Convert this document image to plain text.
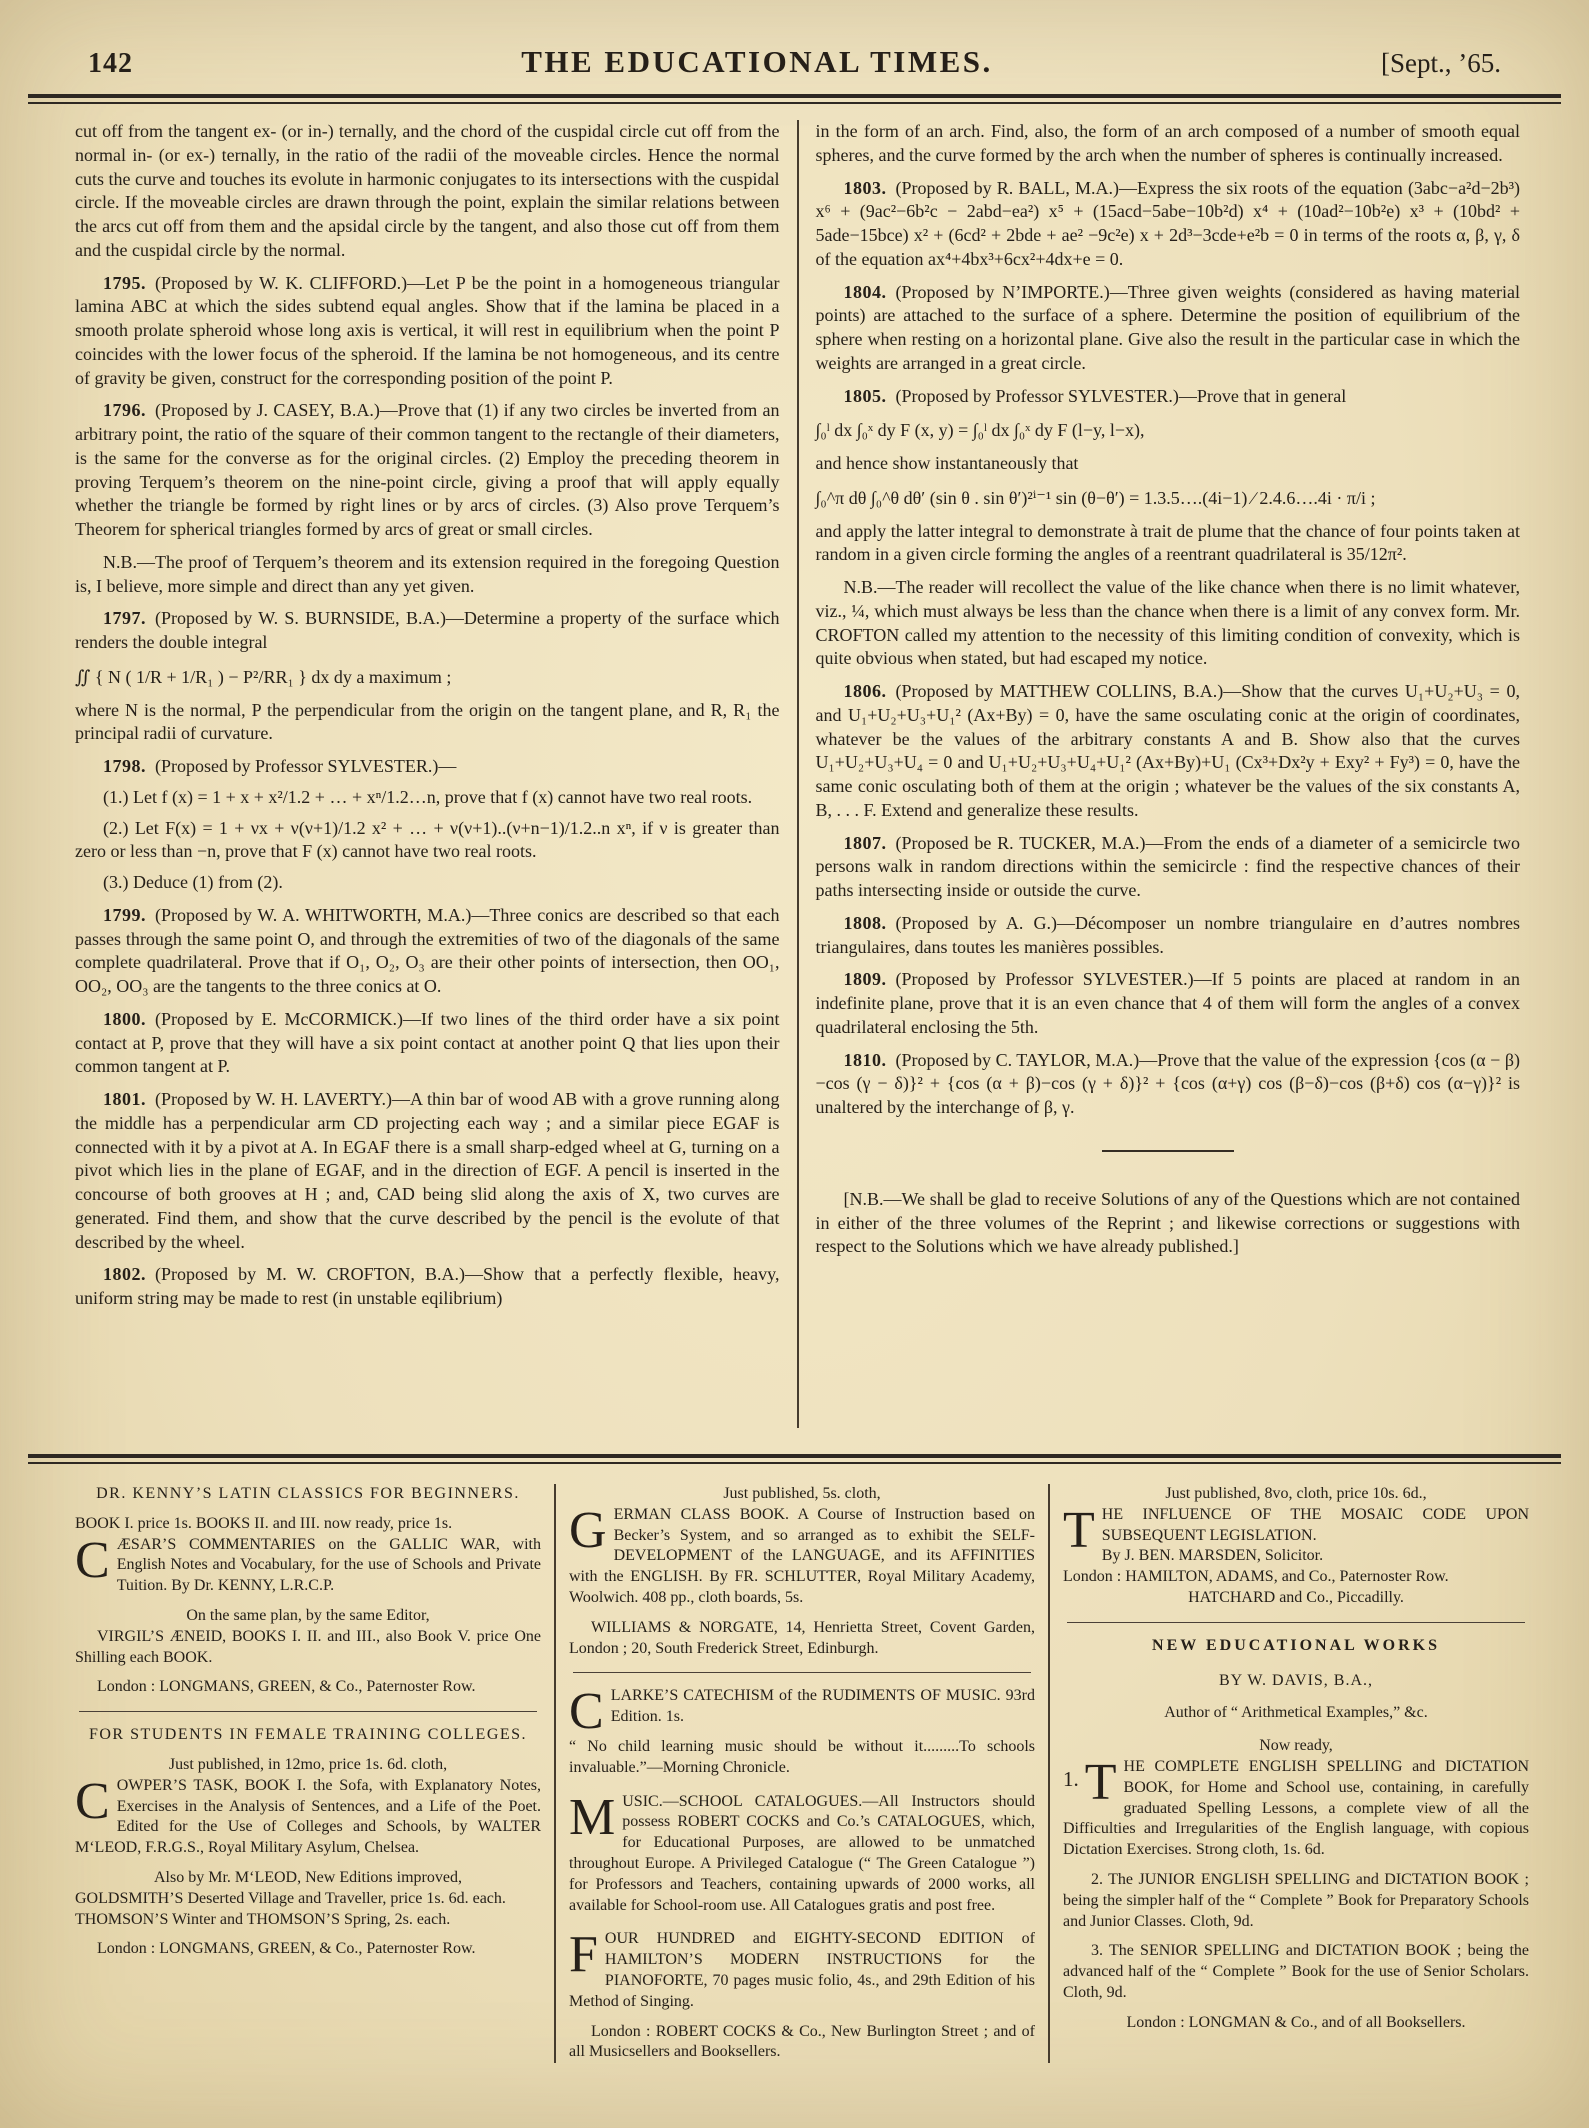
142	THE EDUCATIONAL TIMES.	[Sept., ’65.

cut off from the tangent ex- (or in-) ternally, and the chord of the cuspidal circle cut off from the normal in- (or ex-) ternally, in the ratio of the radii of the moveable circles. Hence the normal cuts the curve and touches its evolute in harmonic conjugates to its intersections with the cuspidal circle. If the moveable circles are drawn through the point, explain the similar relations between the arcs cut off from them and the apsidal circle by the tangent, and also those cut off from them and the cuspidal circle by the normal.

1795.  (Proposed by W. K. CLIFFORD.)—Let P be the point in a homogeneous triangular lamina ABC at which the sides subtend equal angles. Show that if the lamina be placed in a smooth prolate spheroid whose long axis is vertical, it will rest in equilibrium when the point P coincides with the lower focus of the spheroid. If the lamina be not homogeneous, and its centre of gravity be given, construct for the corresponding position of the point P.

1796.  (Proposed by J. CASEY, B.A.)—Prove that (1) if any two circles be inverted from an arbitrary point, the ratio of the square of their common tangent to the rectangle of their diameters, is the same for the converse as for the original circles. (2) Employ the preceding theorem in proving Terquem’s theorem on the nine-point circle, giving a proof that will apply equally whether the triangle be formed by right lines or by arcs of circles. (3) Also prove Terquem’s Theorem for spherical triangles formed by arcs of great or small circles.

N.B.—The proof of Terquem’s theorem and its extension required in the foregoing Question is, I believe, more simple and direct than any yet given.

1797.  (Proposed by W. S. BURNSIDE, B.A.)—Determine a property of the surface which renders the double integral

∬ { N ( 1/R + 1/R₁ ) − P²/RR₁ } dx dy a maximum ;

where N is the normal, P the perpendicular from the origin on the tangent plane, and R, R₁ the principal radii of curvature.

1798.  (Proposed by Professor SYLVESTER.)—

(1.) Let f (x) = 1 + x + x²/1.2 + … + xⁿ/1.2…n, prove that f (x) cannot have two real roots.

(2.) Let F(x) = 1 + νx + ν(ν+1)/1.2 x² + … + ν(ν+1)..(ν+n−1)/1.2..n xⁿ, if ν is greater than zero or less than −n, prove that F (x) cannot have two real roots.

(3.) Deduce (1) from (2).

1799.  (Proposed by W. A. WHITWORTH, M.A.)—Three conics are described so that each passes through the same point O, and through the extremities of two of the diagonals of the same complete quadrilateral. Prove that if O₁, O₂, O₃ are their other points of intersection, then OO₁, OO₂, OO₃ are the tangents to the three conics at O.

1800.  (Proposed by E. McCORMICK.)—If two lines of the third order have a six point contact at P, prove that they will have a six point contact at another point Q that lies upon their common tangent at P.

1801.  (Proposed by W. H. LAVERTY.)—A thin bar of wood AB with a grove running along the middle has a perpendicular arm CD projecting each way ; and a similar piece EGAF is connected with it by a pivot at A. In EGAF there is a small sharp-edged wheel at G, turning on a pivot which lies in the plane of EGAF, and in the direction of EGF. A pencil is inserted in the concourse of both grooves at H ; and, CAD being slid along the axis of X, two curves are generated. Find them, and show that the curve described by the pencil is the evolute of that described by the wheel.

1802.  (Proposed by M. W. CROFTON, B.A.)—Show that a perfectly flexible, heavy, uniform string may be made to rest (in unstable eqilibrium)

in the form of an arch. Find, also, the form of an arch composed of a number of smooth equal spheres, and the curve formed by the arch when the number of spheres is continually increased.

1803.  (Proposed by R. BALL, M.A.)—Express the six roots of the equation (3abc−a²d−2b³) x⁶ + (9ac²−6b²c − 2abd−ea²) x⁵ + (15acd−5abe−10b²d) x⁴ + (10ad²−10b²e) x³ + (10bd² + 5ade−15bce) x² + (6cd² + 2bde + ae² −9c²e) x + 2d³−3cde+e²b = 0 in terms of the roots α, β, γ, δ of the equation ax⁴+4bx³+6cx²+4dx+e = 0.

1804.  (Proposed by N’IMPORTE.)—Three given weights (considered as having material points) are attached to the surface of a sphere. Determine the position of equilibrium of the sphere when resting on a horizontal plane. Give also the result in the particular case in which the weights are arranged in a great circle.

1805.  (Proposed by Professor SYLVESTER.)—Prove that in general

∫₀ˡ dx ∫₀ˣ dy F (x, y) = ∫₀ˡ dx ∫₀ˣ dy F (l−y, l−x),

and hence show instantaneously that

∫₀^π dθ ∫₀^θ dθ′ (sin θ . sin θ′)²ⁱ⁻¹ sin (θ−θ′) = 1.3.5….(4i−1) ∕ 2.4.6….4i · π/i ;

and apply the latter integral to demonstrate à trait de plume that the chance of four points taken at random in a given circle forming the angles of a reentrant quadrilateral is 35/12π².

N.B.—The reader will recollect the value of the like chance when there is no limit whatever, viz., ¼, which must always be less than the chance when there is a limit of any convex form. Mr. CROFTON called my attention to the necessity of this limiting condition of convexity, which is quite obvious when stated, but had escaped my notice.

1806.  (Proposed by MATTHEW COLLINS, B.A.)—Show that the curves U₁+U₂+U₃ = 0, and U₁+U₂+U₃+U₁² (Ax+By) = 0, have the same osculating conic at the origin of coordinates, whatever be the values of the arbitrary constants A and B. Show also that the curves U₁+U₂+U₃+U₄ = 0 and U₁+U₂+U₃+U₄+U₁² (Ax+By)+U₁ (Cx³+Dx²y + Exy² + Fy³) = 0, have the same conic osculating both of them at the origin ; whatever be the values of the six constants A, B, . . . F. Extend and generalize these results.

1807.  (Proposed be R. TUCKER, M.A.)—From the ends of a diameter of a semicircle two persons walk in random directions within the semicircle : find the respective chances of their paths intersecting inside or outside the curve.

1808.  (Proposed by A. G.)—Décomposer un nombre triangulaire en d’autres nombres triangulaires, dans toutes les manières possibles.

1809.  (Proposed by Professor SYLVESTER.)—If 5 points are placed at random in an indefinite plane, prove that it is an even chance that 4 of them will form the angles of a convex quadrilateral enclosing the 5th.

1810.  (Proposed by C. TAYLOR, M.A.)—Prove that the value of the expression {cos (α − β)−cos (γ − δ)}² + {cos (α + β)−cos (γ + δ)}² + {cos (α+γ) cos (β−δ)−cos (β+δ) cos (α−γ)}² is unaltered by the interchange of β, γ.

[N.B.—We shall be glad to receive Solutions of any of the Questions which are not contained in either of the three volumes of the Reprint ; and likewise corrections or suggestions with respect to the Solutions which we have already published.]

DR. KENNY’S LATIN CLASSICS FOR BEGINNERS.

BOOK I. price 1s. BOOKS II. and III. now ready, price 1s.

CÆSAR’S COMMENTARIES on the GALLIC WAR, with English Notes and Vocabulary, for the use of Schools and Private Tuition. By Dr. KENNY, L.R.C.P.

On the same plan, by the same Editor,

VIRGIL’S ÆNEID, BOOKS I. II. and III., also Book V. price One Shilling each BOOK.

London : LONGMANS, GREEN, & Co., Paternoster Row.

FOR STUDENTS IN FEMALE TRAINING COLLEGES.

Just published, in 12mo, price 1s. 6d. cloth,

COWPER’S TASK, BOOK I. the Sofa, with Explanatory Notes, Exercises in the Analysis of Sentences, and a Life of the Poet. Edited for the Use of Colleges and Schools, by WALTER M‘LEOD, F.R.G.S., Royal Military Asylum, Chelsea.

Also by Mr. M‘LEOD, New Editions improved,

GOLDSMITH’S Deserted Village and Traveller, price 1s. 6d. each.

THOMSON’S Winter and THOMSON’S Spring, 2s. each.

London : LONGMANS, GREEN, & Co., Paternoster Row.

Just published, 5s. cloth,

GERMAN CLASS BOOK. A Course of Instruction based on Becker’s System, and so arranged as to exhibit the SELF-DEVELOPMENT of the LANGUAGE, and its AFFINITIES with the ENGLISH. By FR. SCHLUTTER, Royal Military Academy, Woolwich. 408 pp., cloth boards, 5s.

WILLIAMS & NORGATE, 14, Henrietta Street, Covent Garden, London ; 20, South Frederick Street, Edinburgh.

CLARKE’S CATECHISM of the RUDIMENTS OF MUSIC. 93rd Edition. 1s.

“ No child learning music should be without it.........To schools invaluable.”—Morning Chronicle.

MUSIC.—SCHOOL CATALOGUES.—All Instructors should possess ROBERT COCKS and Co.’s CATALOGUES, which, for Educational Purposes, are allowed to be unmatched throughout Europe. A Privileged Catalogue (“ The Green Catalogue ”) for Professors and Teachers, containing upwards of 2000 works, all available for School-room use. All Catalogues gratis and post free.

FOUR HUNDRED and EIGHTY-SECOND EDITION of HAMILTON’S MODERN INSTRUCTIONS for the PIANOFORTE, 70 pages music folio, 4s., and 29th Edition of his Method of Singing.

London : ROBERT COCKS & Co., New Burlington Street ; and of all Musicsellers and Booksellers.

Just published, 8vo, cloth, price 10s. 6d.,

THE INFLUENCE OF THE MOSAIC CODE UPON SUBSEQUENT LEGISLATION.

By J. BEN. MARSDEN, Solicitor.

London : HAMILTON, ADAMS, and Co., Paternoster Row.

HATCHARD and Co., Piccadilly.

NEW EDUCATIONAL WORKS

BY W. DAVIS, B.A.,

Author of “ Arithmetical Examples,” &c.

Now ready,

1. T HE COMPLETE ENGLISH SPELLING and DICTATION BOOK, for Home and School use, containing, in carefully graduated Spelling Lessons, a complete view of all the Difficulties and Irregularities of the English language, with copious Dictation Exercises. Strong cloth, 1s. 6d.

2. The JUNIOR ENGLISH SPELLING and DICTATION BOOK ; being the simpler half of the “ Complete ” Book for Preparatory Schools and Junior Classes. Cloth, 9d.

3. The SENIOR SPELLING and DICTATION BOOK ; being the advanced half of the “ Complete ” Book for the use of Senior Scholars. Cloth, 9d.

London : LONGMAN & Co., and of all Booksellers.
